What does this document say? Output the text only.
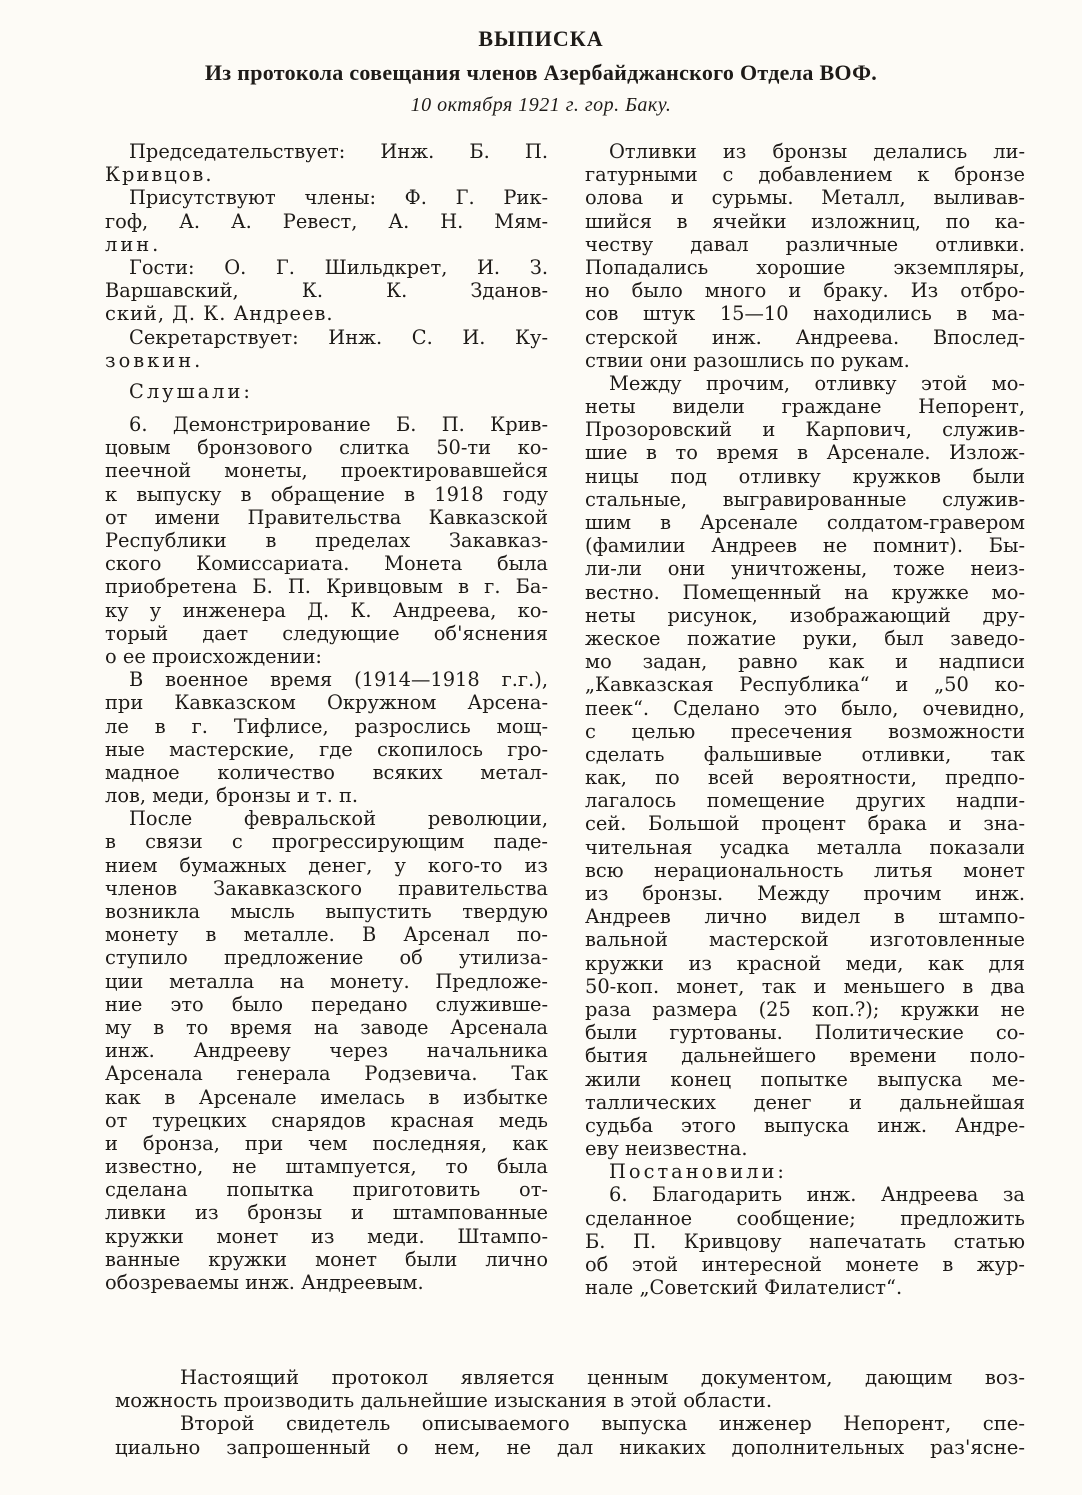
ВЫПИСКА
Из протокола совещания членов Азербайджанского Отдела ВОФ.
10 октября 1921 г. гор. Баку.
Председательствует: Инж. Б. П.
Кривцов.
Присутствуют члены: Ф. Г. Рик-
гоф, А. А. Ревест, А. Н. Мям-
лин.
Гости: О. Г. Шильдкрет, И. З.
Варшавский, К. К. Зданов-
ский, Д. К. Андреев.
Секретарствует: Инж. С. И. Ку-
зовкин.
Слушали:
6. Демонстрирование Б. П. Крив-
цовым бронзового слитка 50-ти ко-
пеечной монеты, проектировавшейся
к выпуску в обращение в 1918 году
от имени Правительства Кавказской
Республики в пределах Закавказ-
ского Комиссариата. Монета была
приобретена Б. П. Кривцовым в г. Ба-
ку у инженера Д. К. Андреева, ко-
торый дает следующие об'яснения
о ее происхождении:
В военное время (1914—1918 г.г.),
при Кавказском Окружном Арсена-
ле в г. Тифлисе, разрослись мощ-
ные мастерские, где скопилось гро-
мадное количество всяких метал-
лов, меди, бронзы и т. п.
После февральской революции,
в связи с прогрессирующим паде-
нием бумажных денег, у кого-то из
членов Закавказского правительства
возникла мысль выпустить твердую
монету в металле. В Арсенал по-
ступило предложение об утилиза-
ции металла на монету. Предложе-
ние это было передано служивше-
му в то время на заводе Арсенала
инж. Андрееву через начальника
Арсенала генерала Родзевича. Так
как в Арсенале имелась в избытке
от турецких снарядов красная медь
и бронза, при чем последняя, как
известно, не штампуется, то была
сделана попытка приготовить от-
ливки из бронзы и штампованные
кружки монет из меди. Штампо-
ванные кружки монет были лично
обозреваемы инж. Андреевым.
Отливки из бронзы делались ли-
гатурными с добавлением к бронзе
олова и сурьмы. Металл, выливав-
шийся в ячейки изложниц, по ка-
честву давал различные отливки.
Попадались хорошие экземпляры,
но было много и браку. Из отбро-
сов штук 15—10 находились в ма-
стерской инж. Андреева. Впослед-
ствии они разошлись по рукам.
Между прочим, отливку этой мо-
неты видели граждане Непорент,
Прозоровский и Карпович, служив-
шие в то время в Арсенале. Излож-
ницы под отливку кружков были
стальные, выгравированные служив-
шим в Арсенале солдатом-гравером
(фамилии Андреев не помнит). Бы-
ли-ли они уничтожены, тоже неиз-
вестно. Помещенный на кружке мо-
неты рисунок, изображающий дру-
жеское пожатие руки, был заведо-
мо задан, равно как и надписи
„Кавказская Республика“ и „50 ко-
пеек“. Сделано это было, очевидно,
с целью пресечения возможности
сделать фальшивые отливки, так
как, по всей вероятности, предпо-
лагалось помещение других надпи-
сей. Большой процент брака и зна-
чительная усадка металла показали
всю нерациональность литья монет
из бронзы. Между прочим инж.
Андреев лично видел в штампо-
вальной мастерской изготовленные
кружки из красной меди, как для
50-коп. монет, так и меньшего в два
раза размера (25 коп.?); кружки не
были гуртованы. Политические со-
бытия дальнейшего времени поло-
жили конец попытке выпуска ме-
таллических денег и дальнейшая
судьба этого выпуска инж. Андре-
еву неизвестна.
Постановили:
6. Благодарить инж. Андреева за
сделанное сообщение; предложить
Б. П. Кривцову напечатать статью
об этой интересной монете в жур-
нале „Советский Филателист“.
Настоящий протокол является ценным документом, дающим воз-
можность производить дальнейшие изыскания в этой области.
Второй свидетель описываемого выпуска инженер Непорент, спе-
циально запрошенный о нем, не дал никаких дополнительных раз'ясне-
